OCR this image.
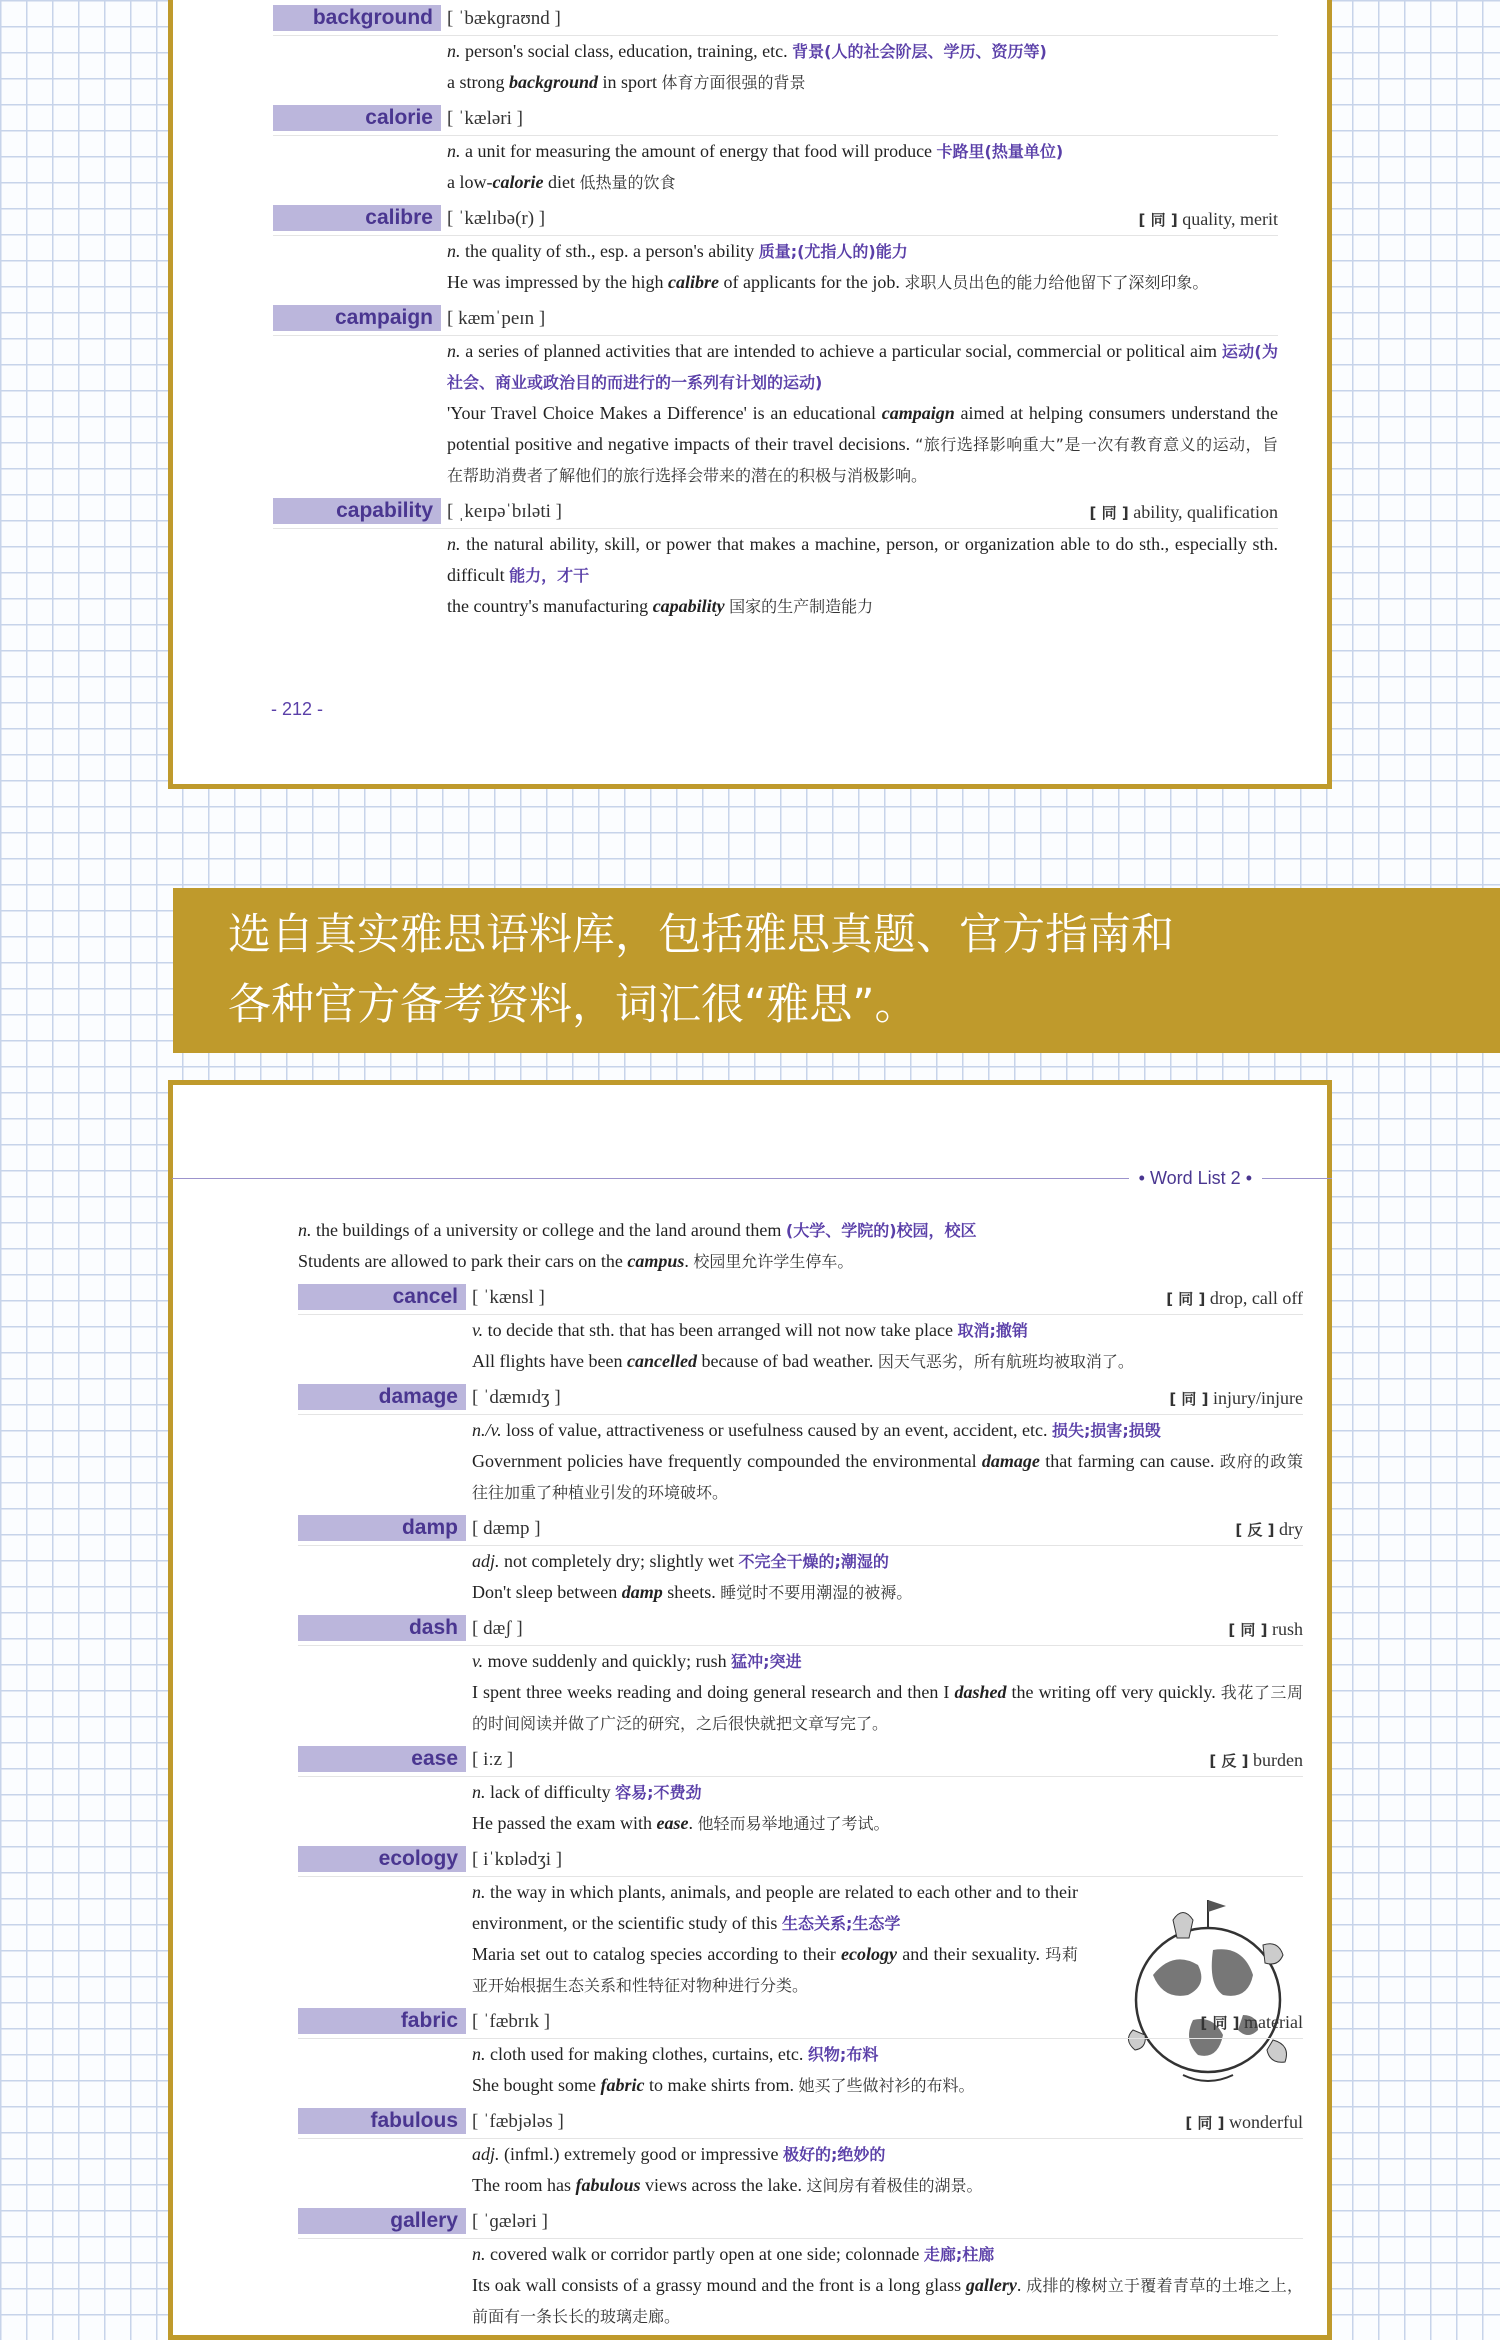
background [ ˈbækɡraʊnd ]

n. person's social class, education, training, etc. 背景(人的社会阶层、学历、资历等)

a strong background in sport 体育方面很强的背景

calorie [ ˈkæləri ]

n. a unit for measuring the amount of energy that food will produce 卡路里(热量单位)

a low-calorie diet 低热量的饮食

calibre [ ˈkælɪbə(r) ]	[ 同 ] quality, merit

n. the quality of sth., esp. a person's ability 质量;(尤指人的)能力

He was impressed by the high calibre of applicants for the job. 求职人员出色的能力给他留下了深刻印象。

campaign [ kæmˈpeɪn ]

n. a series of planned activities that are intended to achieve a particular social, commercial or political aim 运动(为社会、商业或政治目的而进行的一系列有计划的运动)

'Your Travel Choice Makes a Difference' is an educational campaign aimed at helping consumers understand the potential positive and negative impacts of their travel decisions. “旅行选择影响重大”是一次有教育意义的运动，旨在帮助消费者了解他们的旅行选择会带来的潜在的积极与消极影响。

capability [ ˌkeɪpəˈbɪləti ]	[ 同 ] ability, qualification

n. the natural ability, skill, or power that makes a machine, person, or organization able to do sth., especially sth. difficult 能力，才干

the country's manufacturing capability 国家的生产制造能力

- 212 -
选自真实雅思语料库，包括雅思真题、官方指南和
各种官方备考资料，词汇很“雅思”。
• Word List 2 •

n. the buildings of a university or college and the land around them (大学、学院的)校园，校区

Students are allowed to park their cars on the campus. 校园里允许学生停车。

cancel [ ˈkænsl ]	[ 同 ] drop, call off

v. to decide that sth. that has been arranged will not now take place 取消;撤销

All flights have been cancelled because of bad weather. 因天气恶劣，所有航班均被取消了。

damage [ ˈdæmɪdʒ ]	[ 同 ] injury/injure

n./v. loss of value, attractiveness or usefulness caused by an event, accident, etc. 损失;损害;损毁

Government policies have frequently compounded the environmental damage that farming can cause. 政府的政策往往加重了种植业引发的环境破坏。

damp [ dæmp ]	[ 反 ] dry

adj. not completely dry; slightly wet 不完全干燥的;潮湿的

Don't sleep between damp sheets. 睡觉时不要用潮湿的被褥。

dash [ dæʃ ]	[ 同 ] rush

v. move suddenly and quickly; rush 猛冲;突进

I spent three weeks reading and doing general research and then I dashed the writing off very quickly. 我花了三周的时间阅读并做了广泛的研究，之后很快就把文章写完了。

ease [ iːz ]	[ 反 ] burden

n. lack of difficulty 容易;不费劲

He passed the exam with ease. 他轻而易举地通过了考试。

ecology [ iˈkɒlədʒi ]

n. the way in which plants, animals, and people are related to each other and to their environment, or the scientific study of this 生态关系;生态学

Maria set out to catalog species according to their ecology and their sexuality. 玛莉亚开始根据生态关系和性特征对物种进行分类。

fabric [ ˈfæbrɪk ]	[ 同 ] material

n. cloth used for making clothes, curtains, etc. 织物;布料

She bought some fabric to make shirts from. 她买了些做衬衫的布料。

fabulous [ ˈfæbjələs ]	[ 同 ] wonderful

adj. (infml.) extremely good or impressive 极好的;绝妙的

The room has fabulous views across the lake. 这间房有着极佳的湖景。

gallery [ ˈɡæləri ]

n. covered walk or corridor partly open at one side; colonnade 走廊;柱廊

Its oak wall consists of a grassy mound and the front is a long glass gallery. 成排的橡树立于覆着青草的土堆之上，前面有一条长长的玻璃走廊。
